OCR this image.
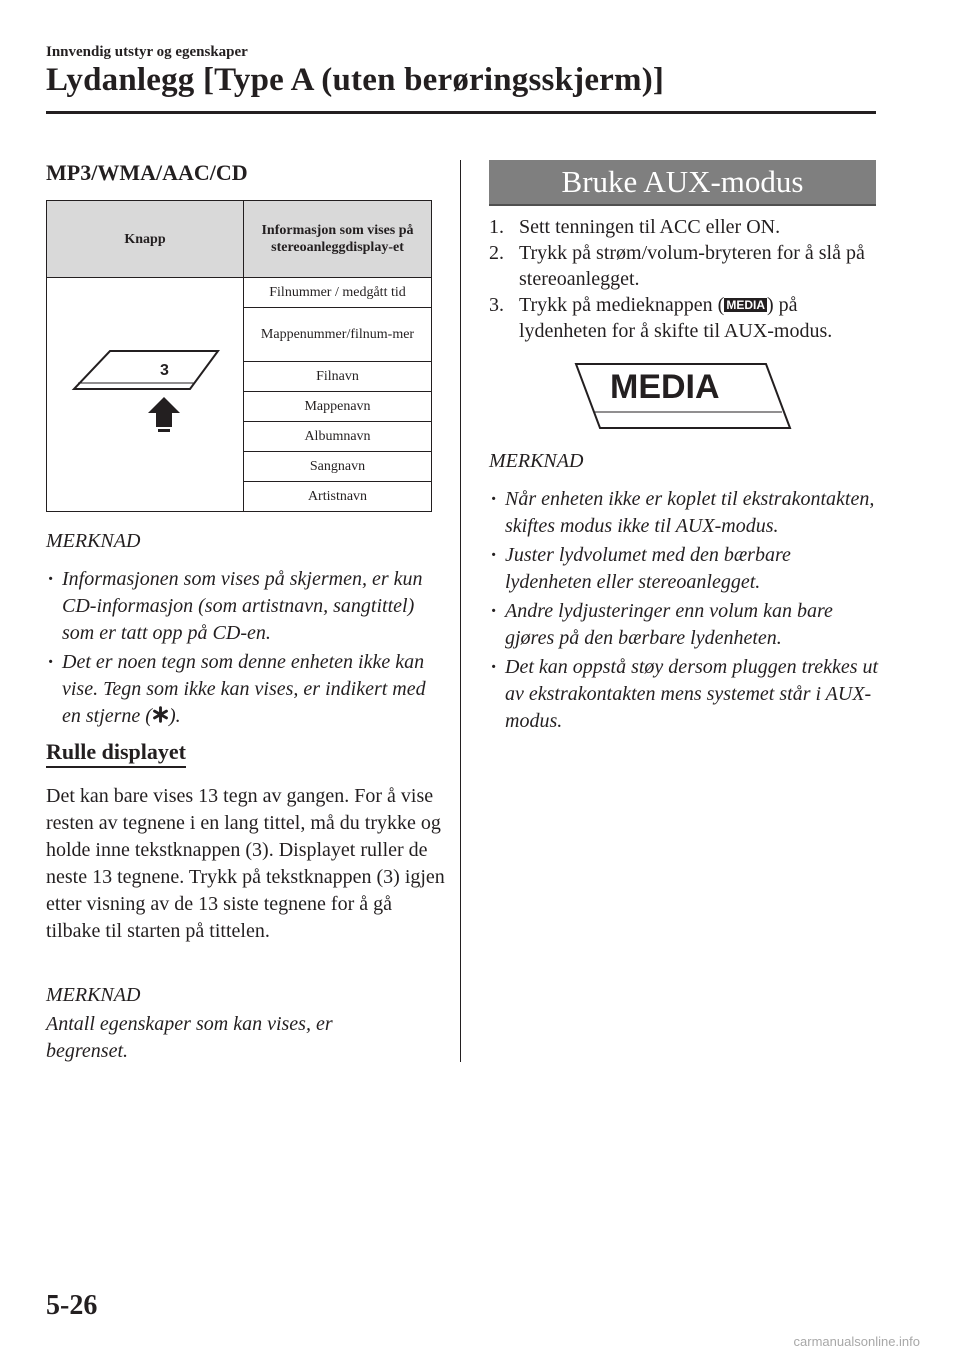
Innvendig utstyr og egenskaper
Lydanlegg [Type A (uten berøringsskjerm)]
MP3/WMA/AAC/CD
Knapp	Informasjon som vises på stereoanleggdisplay-et

3	Filnummer / medgått tid
	Mappenummer/filnum-mer
	Filnavn
	Mappenavn
	Albumnavn
	Sangnavn
	Artistnavn
MERKNAD
· Informasjonen som vises på skjermen, er kun CD-informasjon (som artistnavn, sangtittel) som er tatt opp på CD-en.
· Det er noen tegn som denne enheten ikke kan vise. Tegn som ikke kan vises, er indikert med en stjerne ( ).
Rulle displayet
Det kan bare vises 13 tegn av gangen. For å vise resten av tegnene i en lang tittel, må du trykke og holde inne tekstknappen (3). Displayet ruller de neste 13 tegnene. Trykk på tekstknappen (3) igjen etter visning av de 13 siste tegnene for å gå tilbake til starten på tittelen.
MERKNAD
Antall egenskaper som kan vises, er begrenset.
Bruke AUX-modus
1. Sett tenningen til ACC eller ON.
2. Trykk på strøm/volum-bryteren for å slå på stereoanlegget.
3. Trykk på medieknappen ( MEDIA ) på lydenheten for å skifte til AUX-modus.
MEDIA
MERKNAD
· Når enheten ikke er koplet til ekstrakontakten, skiftes modus ikke til AUX-modus.
· Juster lydvolumet med den bærbare lydenheten eller stereoanlegget.
· Andre lydjusteringer enn volum kan bare gjøres på den bærbare lydenheten.
· Det kan oppstå støy dersom pluggen trekkes ut av ekstrakontakten mens systemet står i AUX-modus.
5-26
carmanualsonline.info
